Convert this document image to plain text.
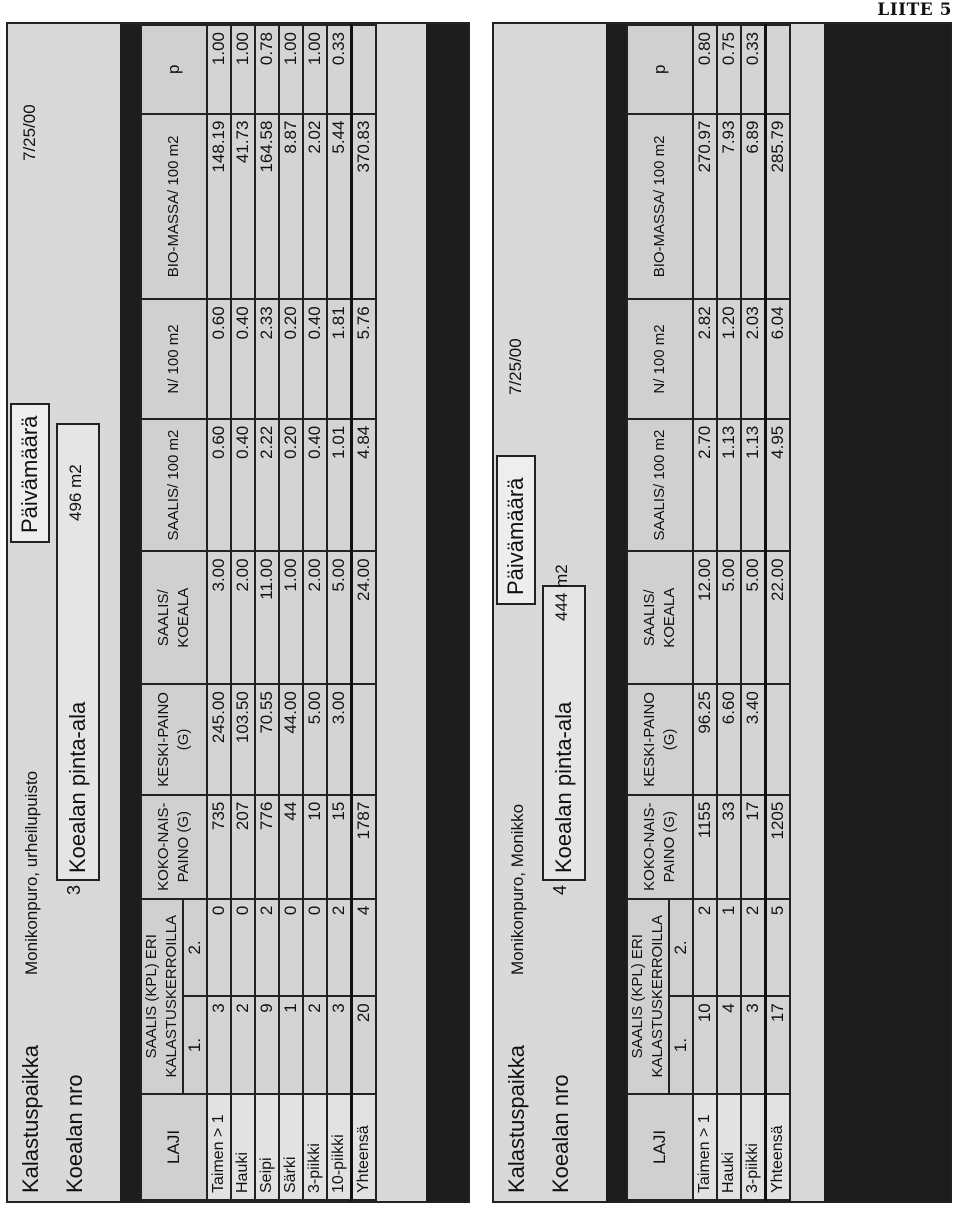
LIITE 5
Kalastuspaikka
Monikonpuro, urheilupuisto
Päivämäärä
7/25/00
Koealan nro
3
Koealan pinta-ala
496 m2
LAJI	SAALIS (KPL) ERI KALASTUSKERROILLA		KOKO-NAIS-PAINO (G)	KESKI-PAINO (G)	SAALIS/ KOEALA	SAALIS/ 100 m2	N/ 100 m2	BIO-MASSA/ 100 m2	p
	1.	2.							
Taimen > 1	3	0	735	245.00	3.00	0.60	0.60	148.19	1.00
Hauki	2	0	207	103.50	2.00	0.40	0.40	41.73	1.00
Seipi	9	2	776	70.55	11.00	2.22	2.33	164.58	0.78
Särki	1	0	44	44.00	1.00	0.20	0.20	8.87	1.00
3-piikki	2	0	10	5.00	2.00	0.40	0.40	2.02	1.00
10-piikki	3	2	15	3.00	5.00	1.01	1.81	5.44	0.33
Yhteensä	20	4	1787		24.00	4.84	5.76	370.83	
Kalastuspaikka
Monikonpuro, Monikko
Päivämäärä
7/25/00
Koealan nro
4
Koealan pinta-ala
444 m2
LAJI	SAALIS (KPL) ERI KALASTUSKERROILLA		KOKO-NAIS-PAINO (G)	KESKI-PAINO (G)	SAALIS/ KOEALA	SAALIS/ 100 m2	N/ 100 m2	BIO-MASSA/ 100 m2	p
	1.	2.							
Taimen > 1	10	2	1155	96.25	12.00	2.70	2.82	270.97	0.80
Hauki	4	1	33	6.60	5.00	1.13	1.20	7.93	0.75
3-piikki	3	2	17	3.40	5.00	1.13	2.03	6.89	0.33
Yhteensä	17	5	1205		22.00	4.95	6.04	285.79	
